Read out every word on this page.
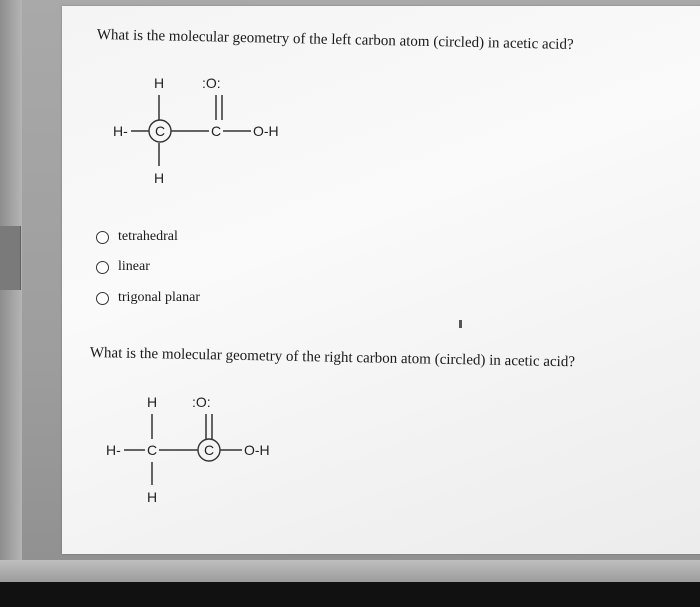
What is the molecular geometry of the left carbon atom (circled) in acetic acid?
H	:O:
H- C	C O-H
H
tetrahedral
linear
trigonal planar
What is the molecular geometry of the right carbon atom (circled) in acetic acid?
H :O:
H- C	C O-H
H
